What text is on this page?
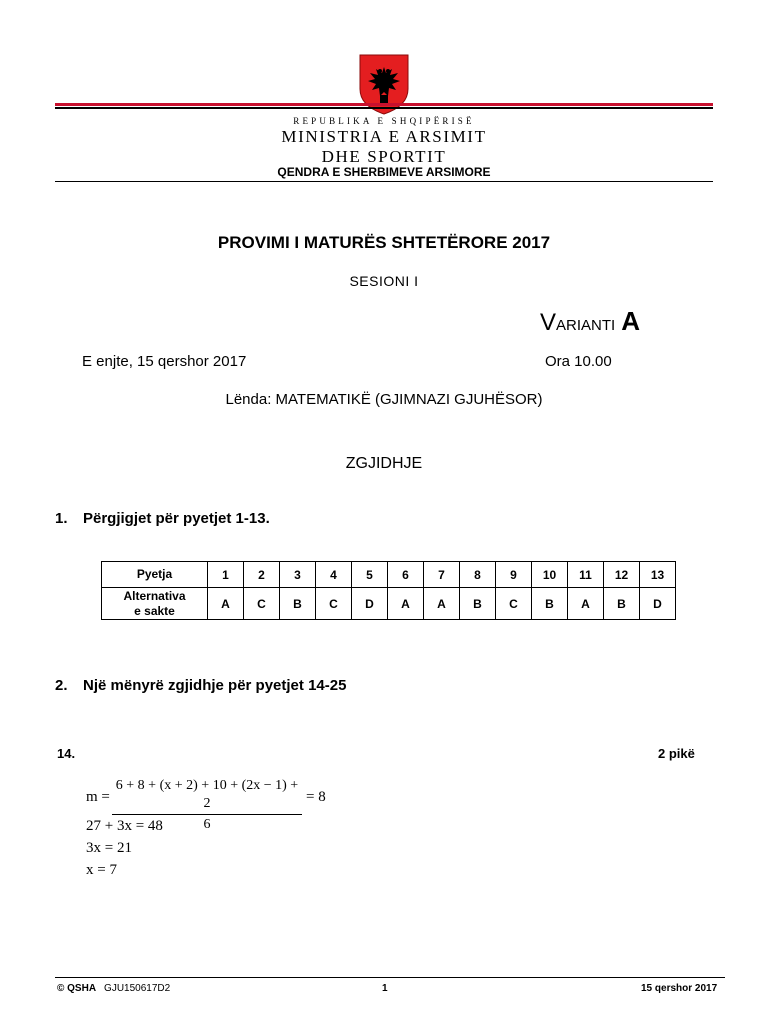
REPUBLIKA E SHQIPËRISË
MINISTRIA E ARSIMIT
DHE SPORTIT
QENDRA E SHERBIMEVE ARSIMORE
PROVIMI I MATURËS SHTETËRORE 2017
SESIONI I
VARIANTI A
E enjte, 15 qershor 2017	Ora 10.00
Lënda: MATEMATIKË (GJIMNAZI GJUHËSOR)
ZGJIDHJE
1. Përgjigjet për pyetjet 1-13.
Pyetja	1	2	3	4	5	6	7	8	9	10	11	12	13
Alternativa
e sakte	A	C	B	C	D	A	A	B	C	B	A	B	D
2. Një mënyrë zgjidhje për pyetjet 14-25
14.	2 pikë
m =
6 + 8 + (x + 2) + 10 + (2x − 1) + 2
6
= 8
27 + 3x = 48
3x = 21
x = 7
© QSHA GJU150617D2	1	15 qershor 2017
